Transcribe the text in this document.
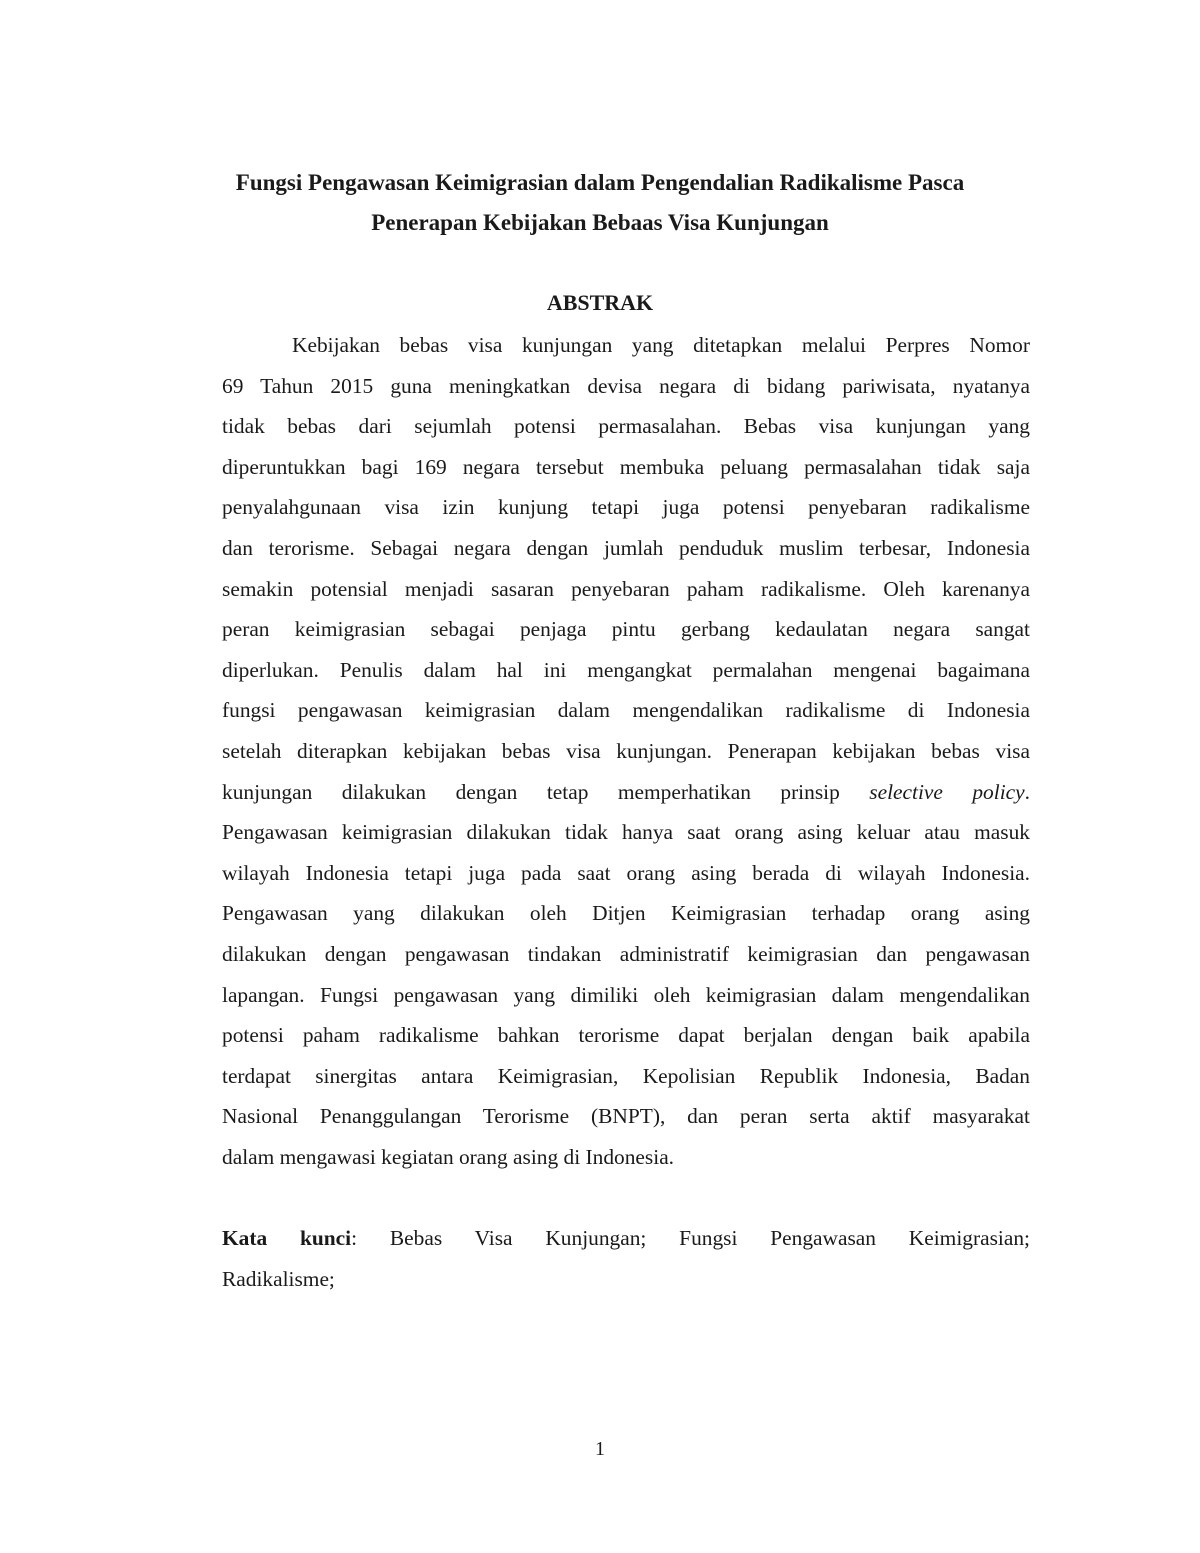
Fungsi Pengawasan Keimigrasian dalam Pengendalian Radikalisme Pasca
Penerapan Kebijakan Bebaas Visa Kunjungan
ABSTRAK
Kebijakan bebas visa kunjungan yang ditetapkan melalui Perpres Nomor
69 Tahun 2015 guna meningkatkan devisa negara di bidang pariwisata, nyatanya
tidak bebas dari sejumlah potensi permasalahan. Bebas visa kunjungan yang
diperuntukkan bagi 169 negara tersebut membuka peluang permasalahan tidak saja
penyalahgunaan visa izin kunjung tetapi juga potensi penyebaran radikalisme
dan terorisme. Sebagai negara dengan jumlah penduduk muslim terbesar, Indonesia
semakin potensial menjadi sasaran penyebaran paham radikalisme. Oleh karenanya
peran keimigrasian sebagai penjaga pintu gerbang kedaulatan negara sangat
diperlukan. Penulis dalam hal ini mengangkat permalahan mengenai bagaimana
fungsi pengawasan keimigrasian dalam mengendalikan radikalisme di Indonesia
setelah diterapkan kebijakan bebas visa kunjungan. Penerapan kebijakan bebas visa
kunjungan dilakukan dengan tetap memperhatikan prinsip selective policy.
Pengawasan keimigrasian dilakukan tidak hanya saat orang asing keluar atau masuk
wilayah Indonesia tetapi juga pada saat orang asing berada di wilayah Indonesia.
Pengawasan yang dilakukan oleh Ditjen Keimigrasian terhadap orang asing
dilakukan dengan pengawasan tindakan administratif keimigrasian dan pengawasan
lapangan. Fungsi pengawasan yang dimiliki oleh keimigrasian dalam mengendalikan
potensi paham radikalisme bahkan terorisme dapat berjalan dengan baik apabila
terdapat sinergitas antara Keimigrasian, Kepolisian Republik Indonesia, Badan
Nasional Penanggulangan Terorisme (BNPT), dan peran serta aktif masyarakat
dalam mengawasi kegiatan orang asing di Indonesia.
Kata kunci: Bebas Visa Kunjungan; Fungsi Pengawasan Keimigrasian;
Radikalisme;
1
